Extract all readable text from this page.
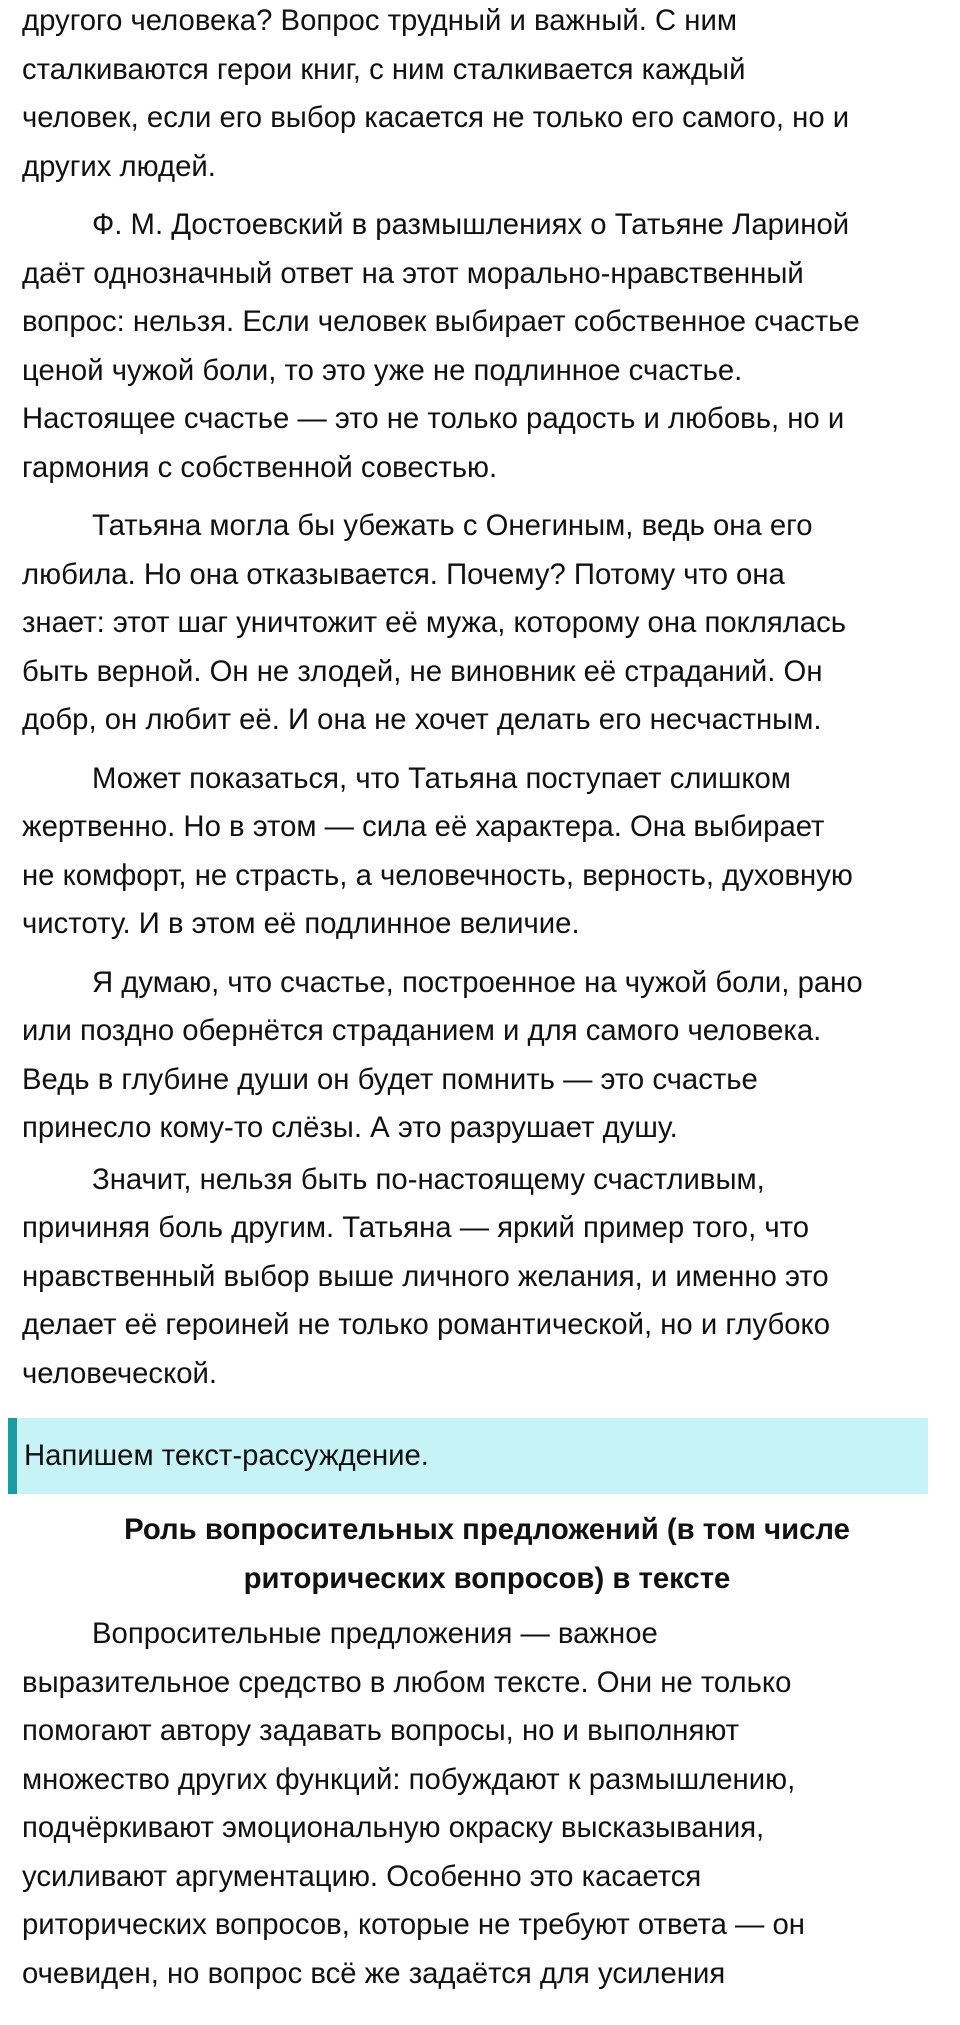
другого человека? Вопрос трудный и важный. С ним
сталкиваются герои книг, с ним сталкивается каждый
человек, если его выбор касается не только его самого, но и
других людей.

Ф. М. Достоевский в размышлениях о Татьяне Лариной
даёт однозначный ответ на этот морально-нравственный
вопрос: нельзя. Если человек выбирает собственное счастье
ценой чужой боли, то это уже не подлинное счастье.
Настоящее счастье — это не только радость и любовь, но и
гармония с собственной совестью.

Татьяна могла бы убежать с Онегиным, ведь она его
любила. Но она отказывается. Почему? Потому что она
знает: этот шаг уничтожит её мужа, которому она поклялась
быть верной. Он не злодей, не виновник её страданий. Он
добр, он любит её. И она не хочет делать его несчастным.

Может показаться, что Татьяна поступает слишком
жертвенно. Но в этом — сила её характера. Она выбирает
не комфорт, не страсть, а человечность, верность, духовную
чистоту. И в этом её подлинное величие.

Я думаю, что счастье, построенное на чужой боли, рано
или поздно обернётся страданием и для самого человека.
Ведь в глубине души он будет помнить — это счастье
принесло кому-то слёзы. А это разрушает душу.

Значит, нельзя быть по-настоящему счастливым,
причиняя боль другим. Татьяна — яркий пример того, что
нравственный выбор выше личного желания, и именно это
делает её героиней не только романтической, но и глубоко
человеческой.

Напишем текст-рассуждение.

Роль вопросительных предложений (в том числе
риторических вопросов) в тексте

Вопросительные предложения — важное
выразительное средство в любом тексте. Они не только
помогают автору задавать вопросы, но и выполняют
множество других функций: побуждают к размышлению,
подчёркивают эмоциональную окраску высказывания,
усиливают аргументацию. Особенно это касается
риторических вопросов, которые не требуют ответа — он
очевиден, но вопрос всё же задаётся для усиления
